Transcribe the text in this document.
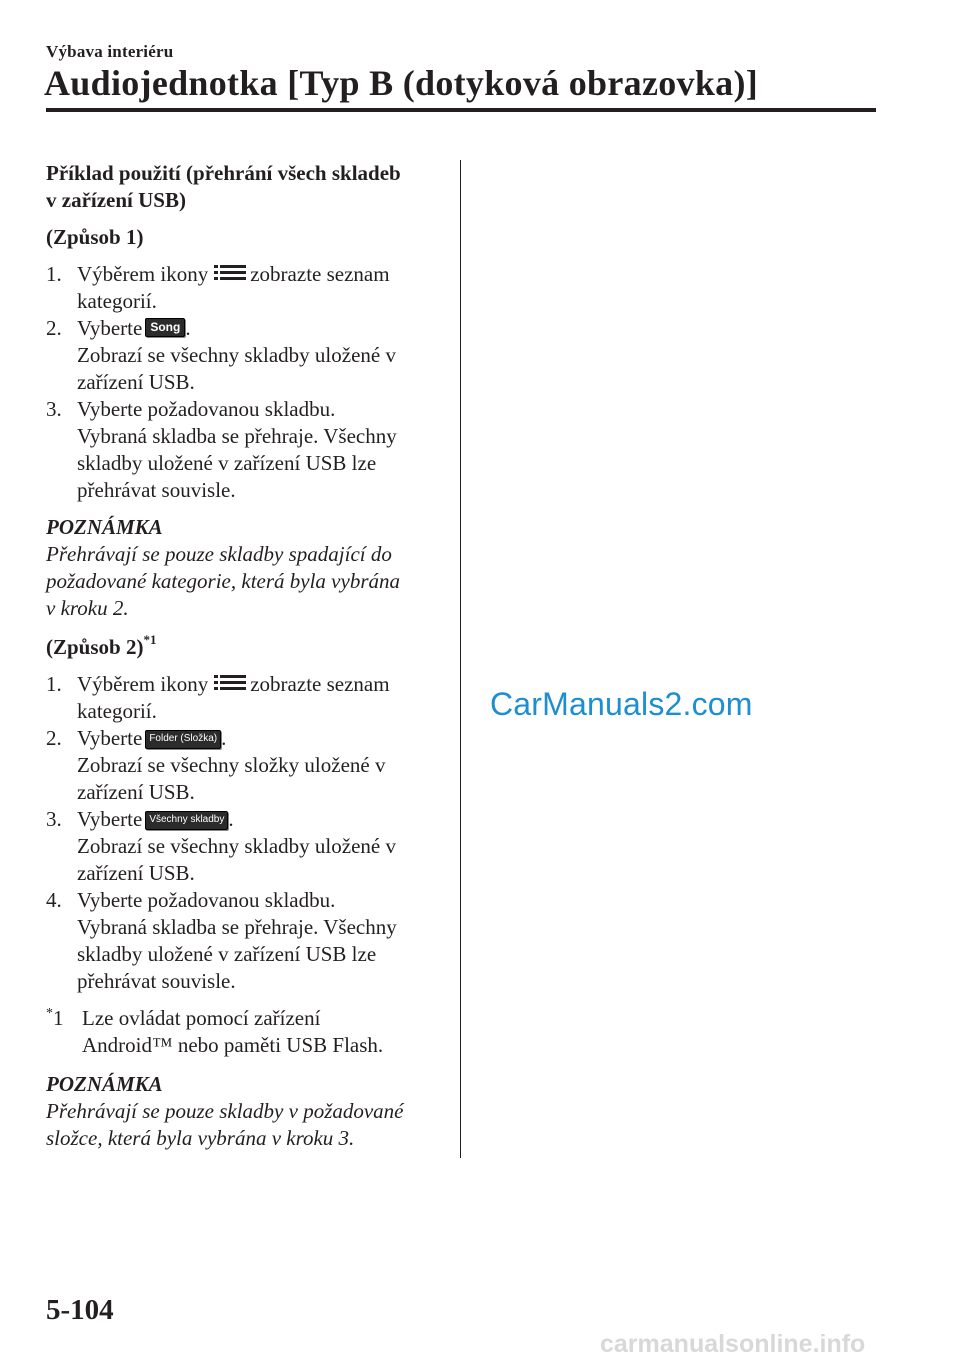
Výbava interiéru
Audiojednotka [Typ B (dotyková obrazovka)]
Příklad použití (přehrání všech skladeb
v zařízení USB)
(Způsob 1)
1. Výběrem ikony zobrazte seznam
kategorií.
2. Vyberte Song .
Zobrazí se všechny skladby uložené v
zařízení USB.
3. Vyberte požadovanou skladbu.
Vybraná skladba se přehraje. Všechny
skladby uložené v zařízení USB lze
přehrávat souvisle.
POZNÁMKA
Přehrávají se pouze skladby spadající do
požadované kategorie, která byla vybrána
v kroku 2.
(Způsob 2)$^{*1}$
1. Výběrem ikony zobrazte seznam
kategorií.
2. Vyberte Folder (Složka) .
Zobrazí se všechny složky uložené v
zařízení USB.
3. Vyberte Všechny skladby .
Zobrazí se všechny skladby uložené v
zařízení USB.
4. Vyberte požadovanou skladbu.
Vybraná skladba se přehraje. Všechny
skladby uložené v zařízení USB lze
přehrávat souvisle.
*1 Lze ovládat pomocí zařízení
Android™ nebo paměti USB Flash.
POZNÁMKA
Přehrávají se pouze skladby v požadované
složce, která byla vybrána v kroku 3.
CarManuals2.com
5-104
carmanualsonline.info
